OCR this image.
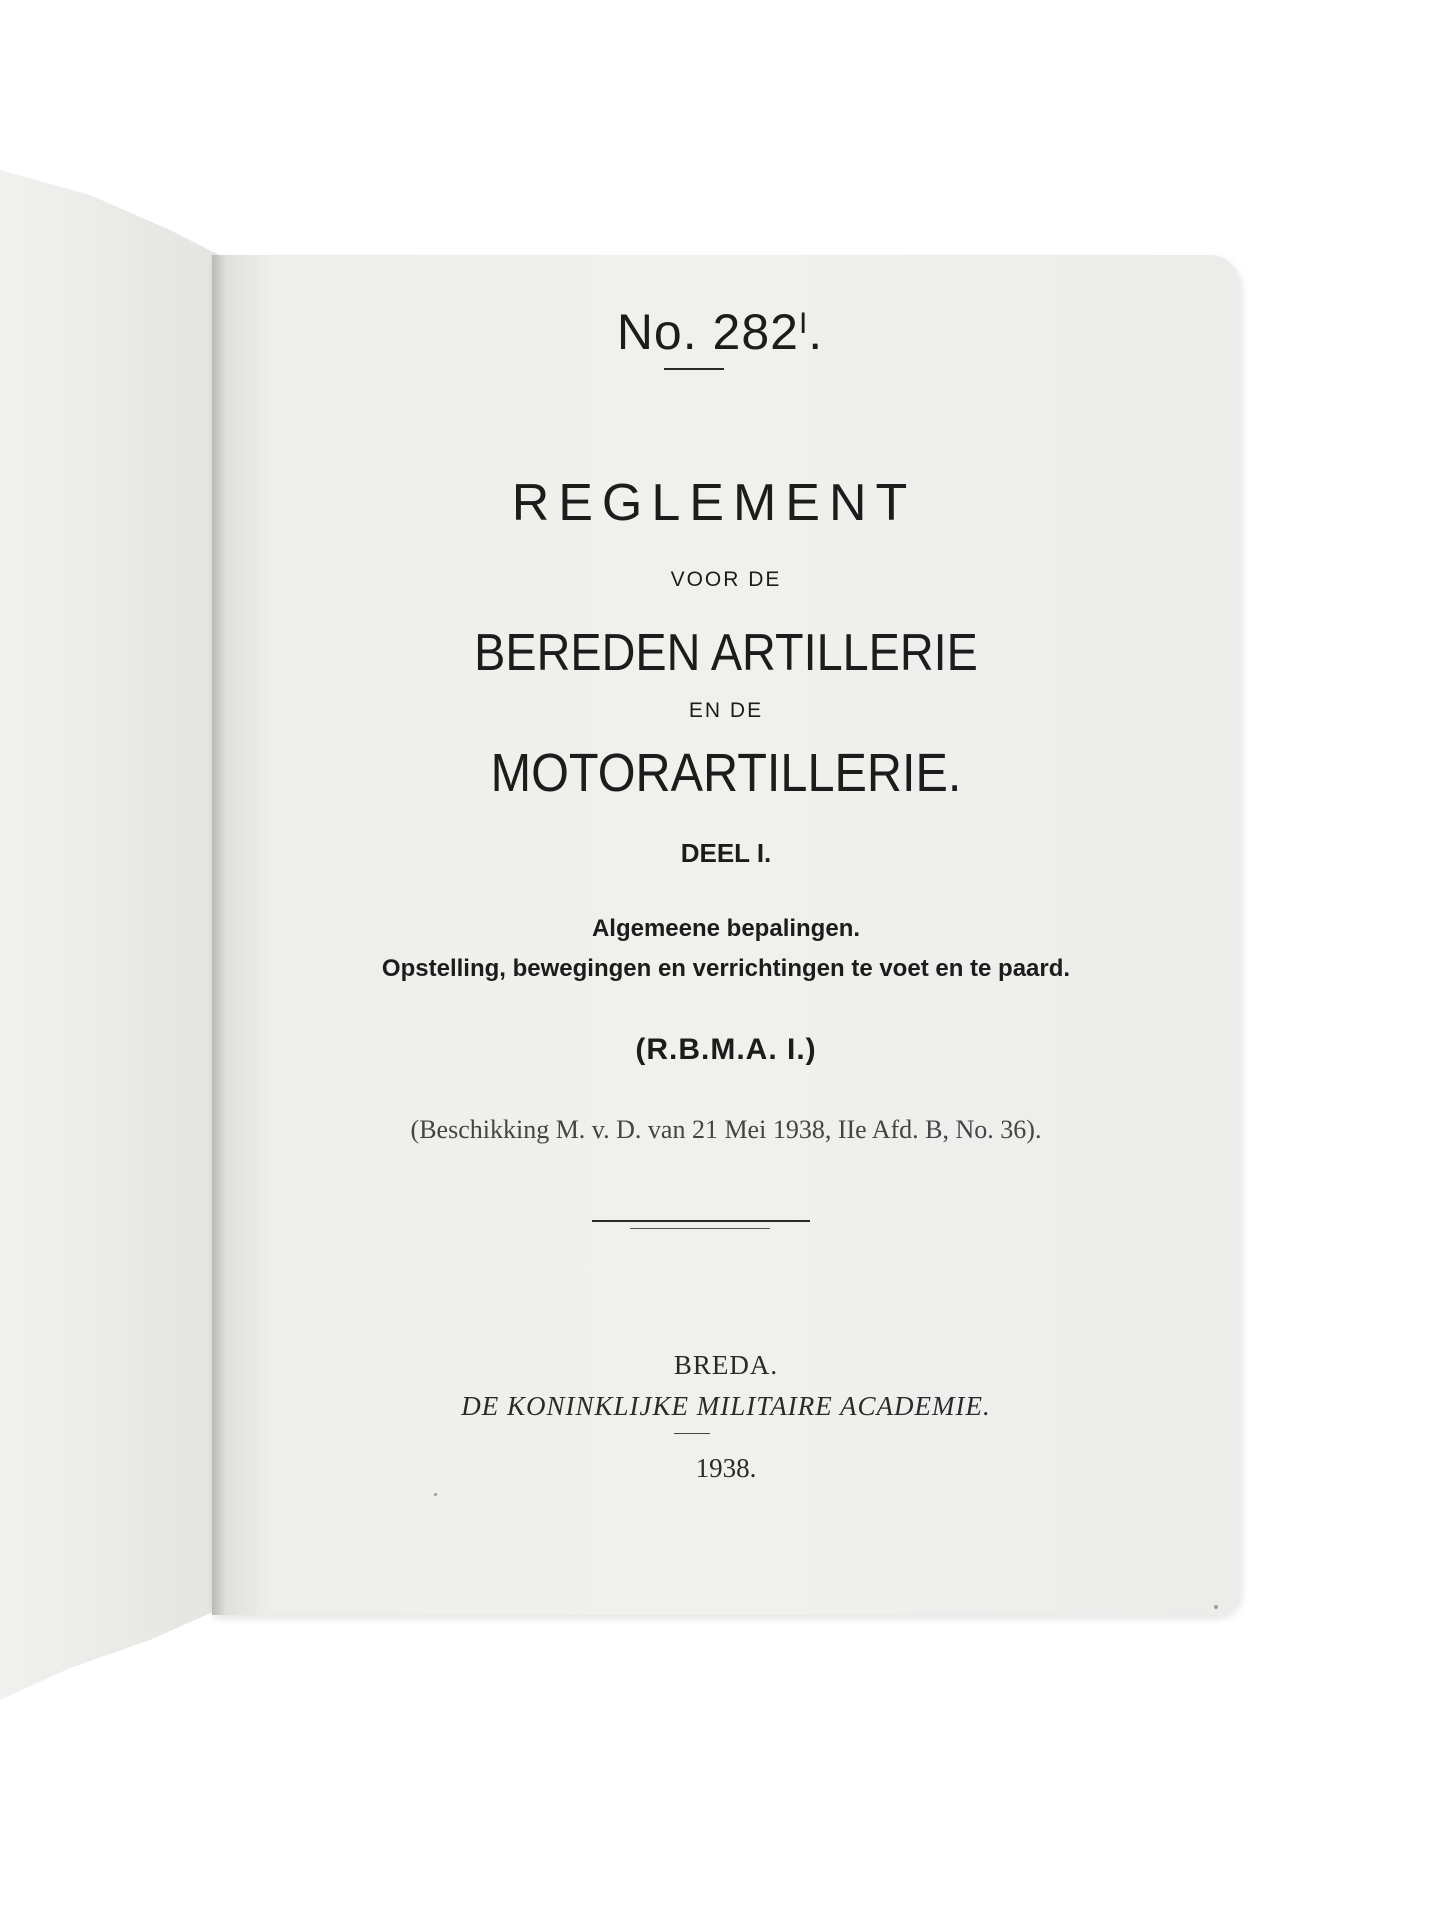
No. $282^I$.
REGLEMENT
VOOR DE
BEREDEN ARTILLERIE
EN DE
MOTORARTILLERIE.
DEEL I.
Algemeene bepalingen.
Opstelling, bewegingen en verrichtingen te voet en te paard.
(R.B.M.A. I.)
(Beschikking M. v. D. van 21 Mei 1938, IIe Afd. B, No. 36).
BREDA.
DE KONINKLIJKE MILITAIRE ACADEMIE.
1938.
